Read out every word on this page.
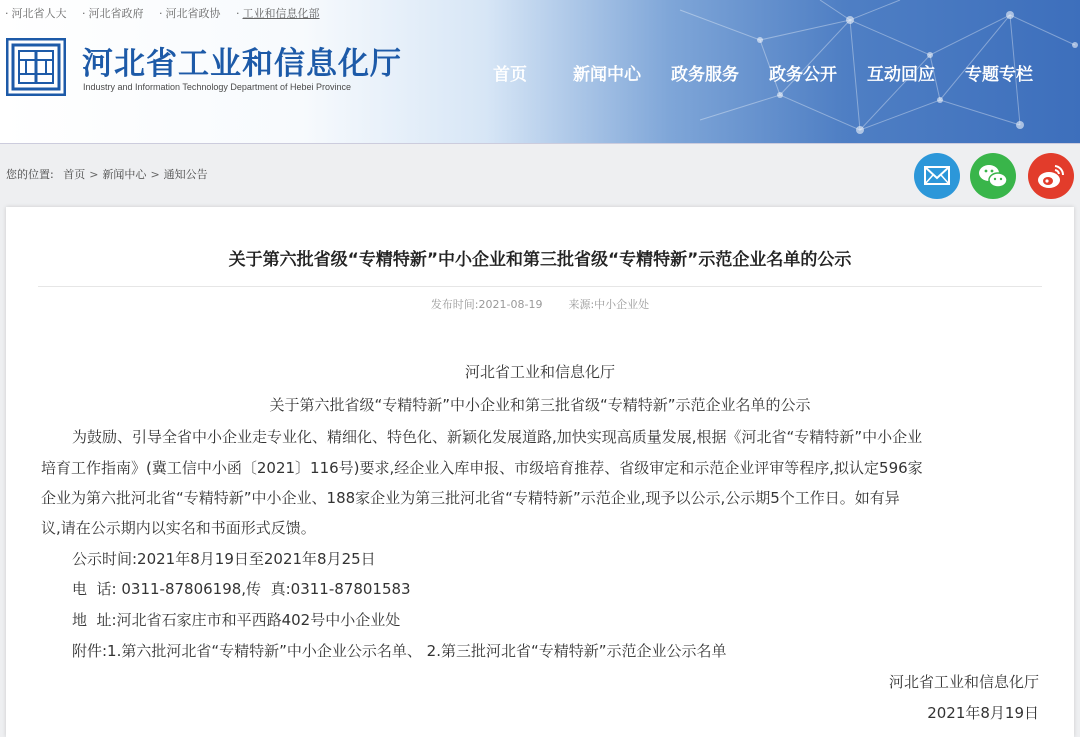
· 河北省人大 · 河北省政府 · 河北省政协 · 工业和信息化部
河北省工业和信息化厅
Industry and Information Technology Department of Hebei Province
首页	新闻中心 政务服务 政务公开 互动回应 专题专栏
您的位置: 首页 > 新闻中心 > 通知公告
关于第六批省级“专精特新”中小企业和第三批省级“专精特新”示范企业名单的公示
发布时间:2021-08-19 来源:中小企业处
河北省工业和信息化厅
关于第六批省级“专精特新”中小企业和第三批省级“专精特新”示范企业名单的公示
为鼓励、引导全省中小企业走专业化、精细化、特色化、新颖化发展道路,加快实现高质量发展,根据《河北省“专精特新”中小企业
培育工作指南》(冀工信中小函〔2021〕116号)要求,经企业入库申报、市级培育推荐、省级审定和示范企业评审等程序,拟认定596家
企业为第六批河北省“专精特新”中小企业、188家企业为第三批河北省“专精特新”示范企业,现予以公示,公示期5个工作日。如有异
议,请在公示期内以实名和书面形式反馈。
公示时间:2021年8月19日至2021年8月25日
电  话: 0311-87806198,传  真:0311-87801583
地  址:河北省石家庄市和平西路402号中小企业处
附件:1.第六批河北省“专精特新”中小企业公示名单、 2.第三批河北省“专精特新”示范企业公示名单
河北省工业和信息化厅
2021年8月19日
